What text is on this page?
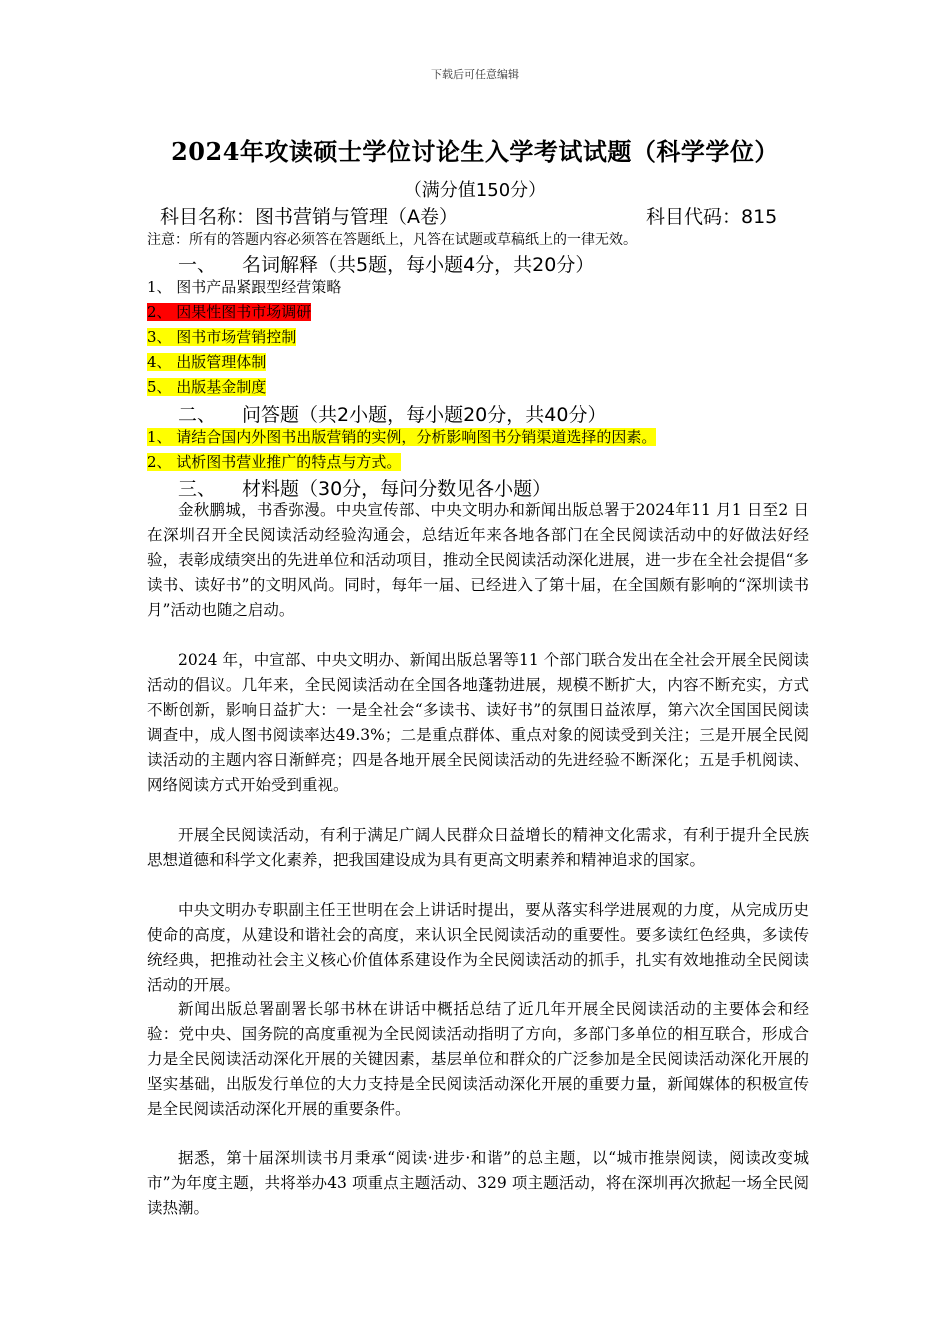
下载后可任意编辑
2024年攻读硕士学位讨论生入学考试试题（科学学位）
（满分值150分）
科目名称：图书营销与管理（A卷）	科目代码：815
注意：所有的答题内容必须答在答题纸上，凡答在试题或草稿纸上的一律无效。
一、 名词解释（共5题，每小题4分，共20分）
1、 图书产品紧跟型经营策略
2、 因果性图书市场调研
3、 图书市场营销控制
4、 出版管理体制
5、 出版基金制度
二、 问答题（共2小题，每小题20分，共40分）
1、 请结合国内外图书出版营销的实例，分析影响图书分销渠道选择的因素。
2、 试析图书营业推广的特点与方式。
三、 材料题（30分，每问分数见各小题）

金秋鹏城，书香弥漫。中央宣传部、中央文明办和新闻出版总署于2024年11 月1 日至2 日在深圳召开全民阅读活动经验沟通会，总结近年来各地各部门在全民阅读活动中的好做法好经验，表彰成绩突出的先进单位和活动项目，推动全民阅读活动深化进展，进一步在全社会提倡“多读书、读好书”的文明风尚。同时，每年一届、已经进入了第十届，在全国颇有影响的“深圳读书月”活动也随之启动。

2024 年，中宣部、中央文明办、新闻出版总署等11 个部门联合发出在全社会开展全民阅读活动的倡议。几年来，全民阅读活动在全国各地蓬勃进展，规模不断扩大，内容不断充实，方式不断创新，影响日益扩大：一是全社会“多读书、读好书”的氛围日益浓厚，第六次全国国民阅读调查中，成人图书阅读率达49.3%；二是重点群体、重点对象的阅读受到关注；三是开展全民阅读活动的主题内容日渐鲜亮；四是各地开展全民阅读活动的先进经验不断深化；五是手机阅读、网络阅读方式开始受到重视。

开展全民阅读活动，有利于满足广阔人民群众日益增长的精神文化需求，有利于提升全民族思想道德和科学文化素养，把我国建设成为具有更高文明素养和精神追求的国家。

中央文明办专职副主任王世明在会上讲话时提出，要从落实科学进展观的力度，从完成历史使命的高度，从建设和谐社会的高度，来认识全民阅读活动的重要性。要多读红色经典，多读传统经典，把推动社会主义核心价值体系建设作为全民阅读活动的抓手，扎实有效地推动全民阅读活动的开展。

新闻出版总署副署长邬书林在讲话中概括总结了近几年开展全民阅读活动的主要体会和经验：党中央、国务院的高度重视为全民阅读活动指明了方向，多部门多单位的相互联合，形成合力是全民阅读活动深化开展的关键因素，基层单位和群众的广泛参加是全民阅读活动深化开展的坚实基础，出版发行单位的大力支持是全民阅读活动深化开展的重要力量，新闻媒体的积极宣传是全民阅读活动深化开展的重要条件。

据悉，第十届深圳读书月秉承“阅读·进步·和谐”的总主题，以“城市推崇阅读，阅读改变城市”为年度主题，共将举办43 项重点主题活动、329 项主题活动，将在深圳再次掀起一场全民阅读热潮。
